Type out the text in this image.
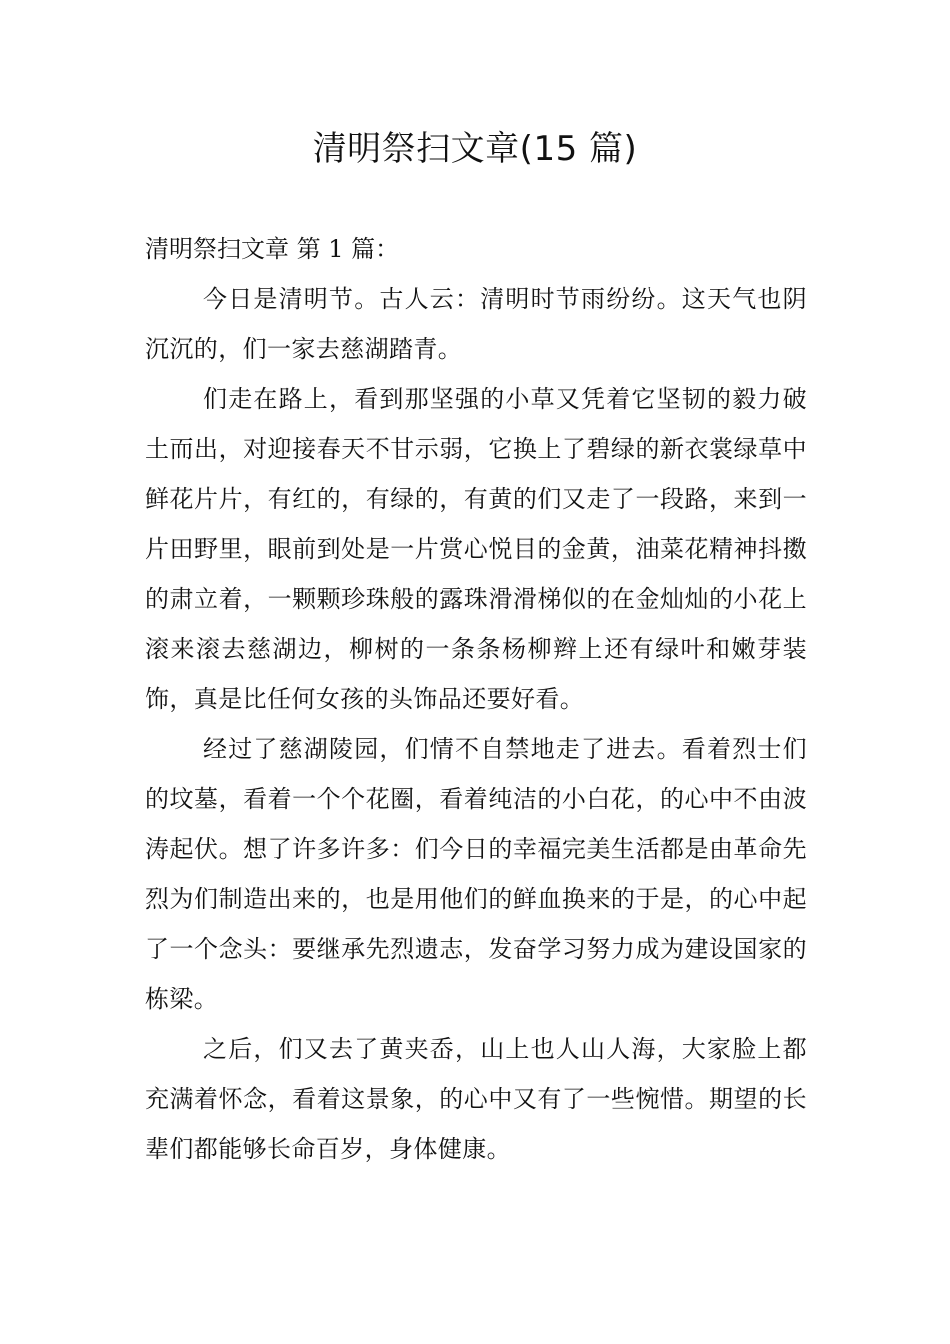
清明祭扫文章(15 篇)

清明祭扫文章 第 1 篇：

今日是清明节。古人云：清明时节雨纷纷。这天气也阴沉沉的，们一家去慈湖踏青。

们走在路上，看到那坚强的小草又凭着它坚韧的毅力破土而出，对迎接春天不甘示弱，它换上了碧绿的新衣裳绿草中鲜花片片，有红的，有绿的，有黄的们又走了一段路，来到一片田野里，眼前到处是一片赏心悦目的金黄，油菜花精神抖擞的肃立着，一颗颗珍珠般的露珠滑滑梯似的在金灿灿的小花上滚来滚去慈湖边，柳树的一条条杨柳辫上还有绿叶和嫩芽装饰，真是比任何女孩的头饰品还要好看。

经过了慈湖陵园，们情不自禁地走了进去。看着烈士们的坟墓，看着一个个花圈，看着纯洁的小白花，的心中不由波涛起伏。想了许多许多：们今日的幸福完美生活都是由革命先烈为们制造出来的，也是用他们的鲜血换来的于是，的心中起了一个念头：要继承先烈遗志，发奋学习努力成为建设国家的栋梁。

之后，们又去了黄夹岙，山上也人山人海，大家脸上都充满着怀念，看着这景象，的心中又有了一些惋惜。期望的长辈们都能够长命百岁，身体健康。
